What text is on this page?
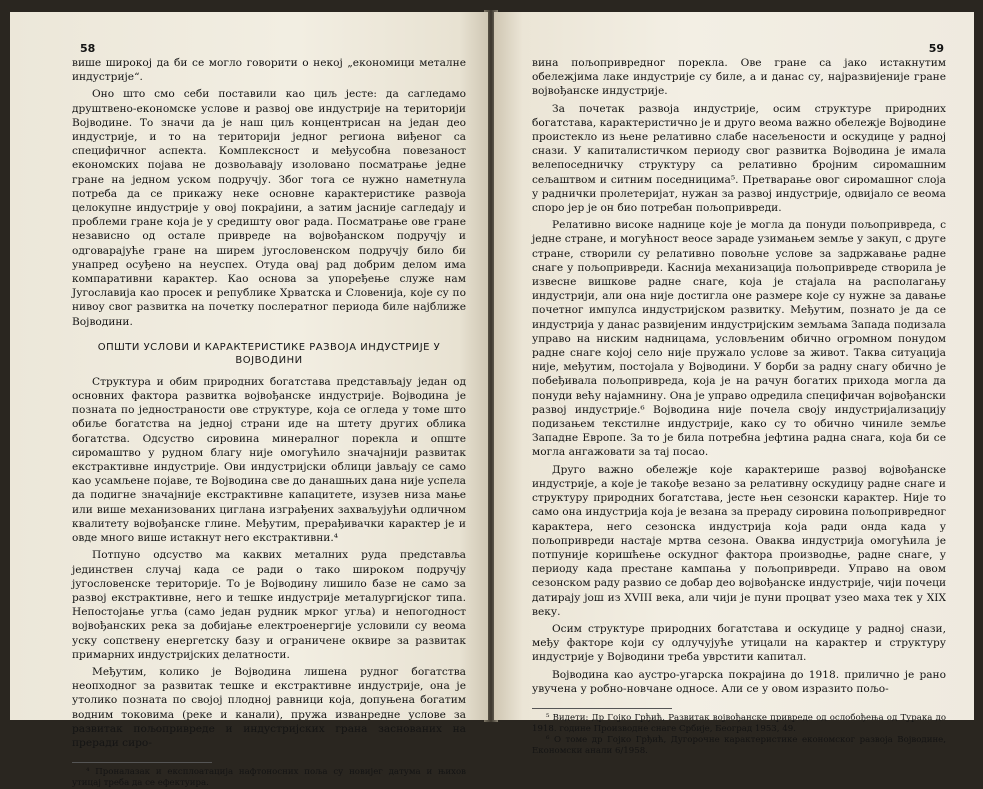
58

више широкој да би се могло говорити о некој „економици металне индустрије“.

Оно што смо себи поставили као циљ јесте: да сагледамо друштвено-економске услове и развој ове индустрије на територији Војводине. То значи да је наш циљ концентрисан на један део индустрије, и то на територији једног региона виђеног са специфичног аспекта. Комплексност и међусобна повезаност економских појава не дозвољавају изоловано посматрање једне гране на једном уском подручју. Због тога се нужно наметнула потреба да се прикажу неке основне карактеристике развоја целокупне индустрије у овој покрајини, а затим јасније сагледају и проблеми гране која је у средишту овог рада. Посматрање ове гране независно од остале привреде на војвођанском подручју и одговарајуће гране на ширем југословенском подручју било би унапред осуђено на неуспех. Отуда овај рад добрим делом има компаративни карактер. Као основа за упоређење служе нам Југославија као просек и републике Хрватска и Словенија, које су по нивоу свог развитка на почетку послератног периода биле најближе Војводини.

ОПШТИ УСЛОВИ И КАРАКТЕРИСТИКЕ РАЗВОЈА ИНДУСТРИЈЕ У ВОЈВОДИНИ

Структура и обим природних богатстава представљају један од основних фактора развитка војвођанске индустрије. Војводина је позната по једностраности ове структуре, која се огледа у томе што обиље богатства на једној страни иде на штету других облика богатства. Одсуство сировина минералног порекла и опште сиромаштво у рудном благу није омогућило значајнији развитак екстрактивне индустрије. Ови индустријски облици јављају се само као усамљене појаве, те Војводина све до данашњих дана није успела да подигне значајније екстрактивне капацитете, изузев низа мање или више механизованих циглана изграђених захваљујући одличном квалитету војвођанске глине. Међутим, прерађивачки карактер је и овде много више истакнут него екстрактивни.⁴

Потпуно одсуство ма каквих металних руда представља јединствен случај када се ради о тако широком подручју југословенске територије. То је Војводину лишило базе не само за развој екстрактивне, него и тешке индустрије металургијског типа. Непостојање угља (само један рудник мрког угља) и непогодност војвођанских река за добијање електроенергије условили су веома уску сопствену енергетску базу и ограничене оквире за развитак примарних индустријских делатности.

Међутим, колико је Војводина лишена рудног богатства неопходног за развитак тешке и екстрактивне индустрије, она је утолико позната по својој плодној равници која, допуњена богатим водним токовима (реке и канали), пружа изванредне услове за развитак пољопривреде и индустријских грана заснованих на преради сиро-

⁴ Проналазак и експлоатација нафтоносних поља су новијег датума и њихов утицај треба да се ефектуира.

59

вина пољопривредног порекла. Ове гране са јако истакнутим обележјима лаке индустрије су биле, а и данас су, најразвијеније гране војвођанске индустрије.

За почетак развоја индустрије, осим структуре природних богатстава, карактеристично је и друго веома важно обележје Војводине проистекло из њене релативно слабе насељености и оскудице у радној снази. У капиталистичком периоду свог развитка Војводина је имала велепоседничку структуру са релативно бројним сиромашним сељаштвом и ситним поседницима⁵. Претварање овог сиромашног слоја у раднички пролетеријат, нужан за развој индустрије, одвијало се веома споро јер је он био потребан пољопривреди.

Релативно високе наднице које је могла да понуди пољопривреда, с једне стране, и могућност веосе зараде узимањем земље у закуп, с друге стране, створили су релативно повољне услове за задржавање радне снаге у пољопривреди. Каснија механизација пољопривреде створила је извесне вишкове радне снаге, која је стајала на располагању индустрији, али она није достигла оне размере које су нужне за давање почетног импулса индустријском развитку. Међутим, познато је да се индустрија у данас развијеним индустријским земљама Запада подизала управо на ниским надницама, условљеним обично огромном понудом радне снаге којој село није пружало услове за живот. Таква ситуација није, међутим, постојала у Војводини. У борби за радну снагу обично је побеђивала пољопривреда, која је на рачун богатих прихода могла да понуди већу најамнину. Она је управо одредила специфичан војвођански развој индустрије.⁶ Војводина није почела своју индустријализацију подизањем текстилне индустрије, како су то обично чиниле земље Западне Европе. За то је била потребна јефтина радна снага, која би се могла ангажовати за тај посао.

Друго важно обележје које карактерише развој војвођанске индустрије, а које је такође везано за релативну оскудицу радне снаге и структуру природних богатстава, јесте њен сезонски карактер. Није то само она индустрија која је везана за прераду сировина пољопривредног карактера, него сезонска индустрија која ради онда када у пољопривреди настаје мртва сезона. Оваква индустрија омогућила је потпуније коришћење оскудног фактора производње, радне снаге, у периоду када престане кампања у пољопривреди. Управо на овом сезонском раду развио се добар део војвођанске индустрије, чији почеци датирају још из XVIII века, али чији је пуни процват узео маха тек у XIX веку.

Осим структуре природних богатстава и оскудице у радној снази, међу факторе који су одлучујуће утицали на карактер и структуру индустрије у Војводини треба уврстити капитал.

Војводина као аустро-угарска покрајина до 1918. прилично је рано увучена у робно-новчане односе. Али се у овом изразито пољо-

⁵ Видети: Др Гојко Грђић, Развитак војвођанске привреде од ослобођења од Турака до 1918. године Производне снаге Србије, Београд 1953, 49.

⁶ О томе др Гојко Грђић, Дугорочне карактеристике економског развоја Војводине, Економски анали 6/1958.
